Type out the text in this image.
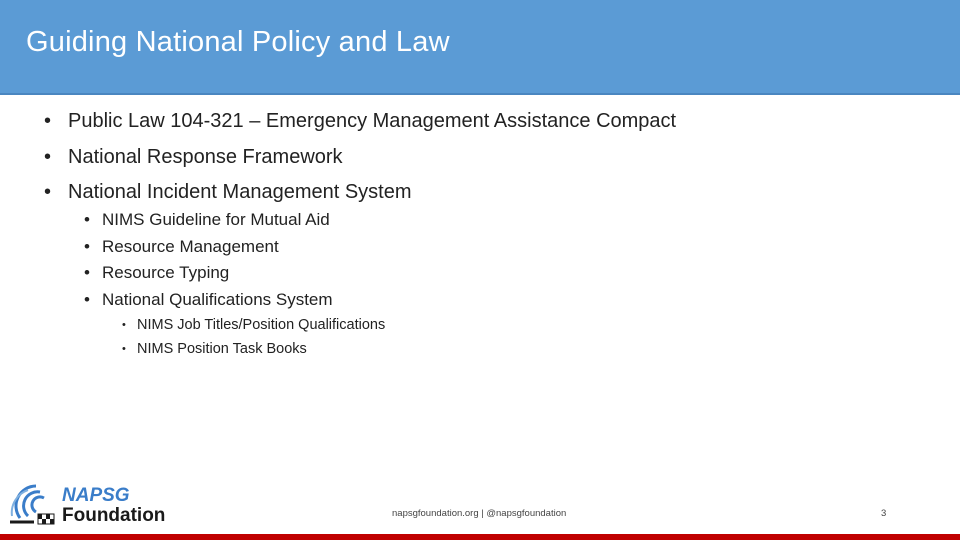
Guiding National Policy and Law
• Public Law 104-321 – Emergency Management Assistance Compact
• National Response Framework
• National Incident Management System
• NIMS Guideline for Mutual Aid
• Resource Management
• Resource Typing
• National Qualifications System
• NIMS Job Titles/Position Qualifications
• NIMS Position Task Books
NAPSG
Foundation	napsgfoundation.org | @napsgfoundation	3
